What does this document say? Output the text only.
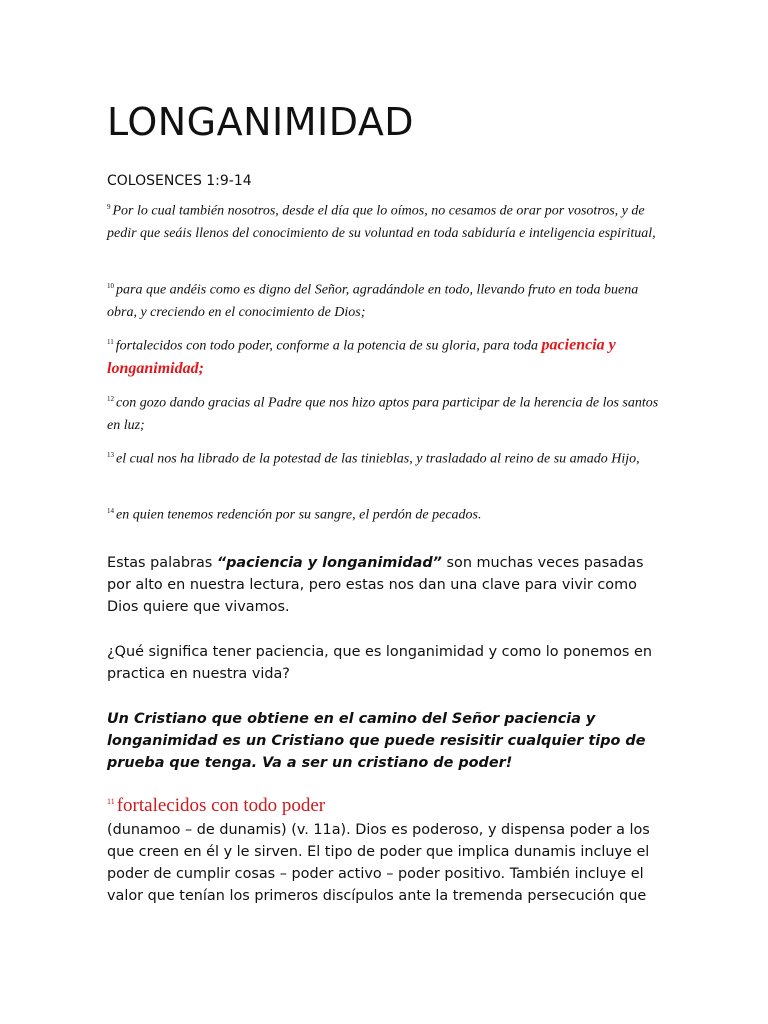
LONGANIMIDAD
COLOSENCES 1:9-14

$^9$ Por lo cual también nosotros, desde el día que lo oímos, no cesamos de orar por vosotros, y de pedir que seáis llenos del conocimiento de su voluntad en toda sabiduría e inteligencia espiritual,

$^{10}$ para que andéis como es digno del Señor, agradándole en todo, llevando fruto en toda buena obra, y creciendo en el conocimiento de Dios;

$^{11}$ fortalecidos con todo poder, conforme a la potencia de su gloria, para toda paciencia y longanimidad;

$^{12}$ con gozo dando gracias al Padre que nos hizo aptos para participar de la herencia de los santos en luz;

$^{13}$ el cual nos ha librado de la potestad de las tinieblas, y trasladado al reino de su amado Hijo,

$^{14}$ en quien tenemos redención por su sangre, el perdón de pecados.

Estas palabras “paciencia y longanimidad” son muchas veces pasadas por alto en nuestra lectura, pero estas nos dan una clave para vivir como Dios quiere que vivamos.

¿Qué significa tener paciencia, que es longanimidad y como lo ponemos en practica en nuestra vida?

Un Cristiano que obtiene en el camino del Señor paciencia y longanimidad es un Cristiano que puede resisitir cualquier tipo de prueba que tenga. Va a ser un cristiano de poder!

$^{11}$ fortalecidos con todo poder

(dunamoo – de dunamis) (v. 11a). Dios es poderoso, y dispensa poder a los que creen en él y le sirven. El tipo de poder que implica dunamis incluye el poder de cumplir cosas – poder activo – poder positivo. También incluye el valor que tenían los primeros discípulos ante la tremenda persecución que
